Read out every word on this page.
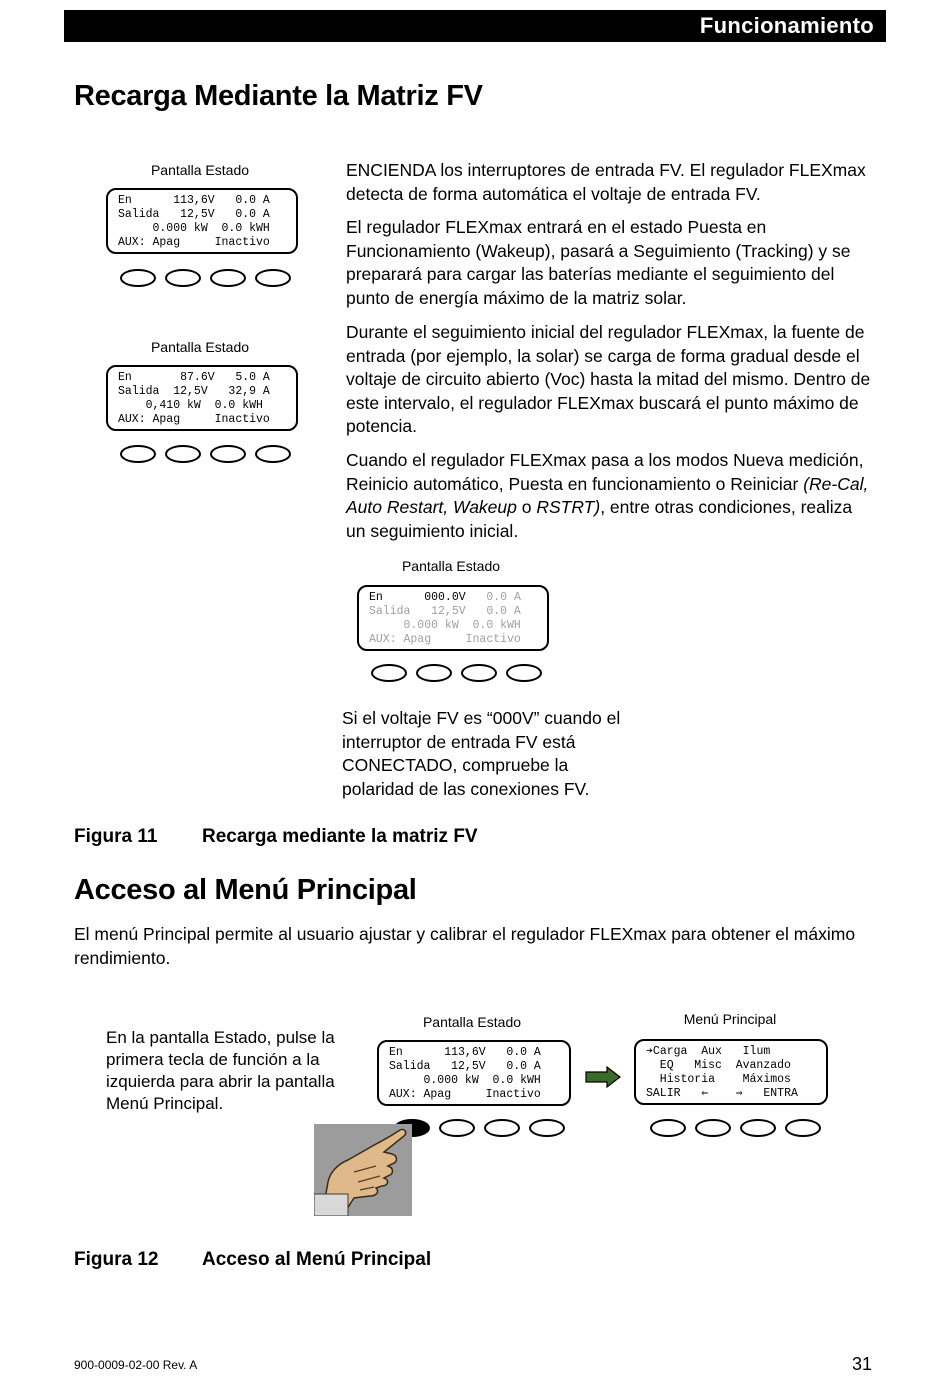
Funcionamiento
Recarga Mediante la Matriz FV
Pantalla Estado
En      113,6V   0.0 A
Salida   12,5V   0.0 A
0.000 kW  0.0 kWH
AUX: Apag     Inactivo
Pantalla Estado
En       87.6V   5.0 A
Salida  12,5V   32,9 A
0,410 kW  0.0 kWH
AUX: Apag     Inactivo
ENCIENDA los interruptores de entrada FV. El regulador FLEXmax detecta de forma automática el voltaje de entrada FV.
El regulador FLEXmax entrará en el estado Puesta en Funcionamiento (Wakeup), pasará a Seguimiento (Tracking) y se preparará para cargar las baterías mediante el seguimiento del punto de energía máximo de la matriz solar.
Durante el seguimiento inicial del regulador FLEXmax, la fuente de entrada (por ejemplo, la solar) se carga de forma gradual desde el voltaje de circuito abierto (Voc) hasta la mitad del mismo. Dentro de este intervalo, el regulador FLEXmax buscará el punto máximo de potencia.
Cuando el regulador FLEXmax pasa a los modos Nueva medición, Reinicio automático, Puesta en funcionamiento o Reiniciar (Re-Cal, Auto Restart, Wakeup o RSTRT), entre otras condiciones, realiza un seguimiento inicial.
Pantalla Estado
En      000.0V   0.0 A
Salida   12,5V   0.0 A
0.000 kW  0.0 kWH
AUX: Apag     Inactivo
Si el voltaje FV es “000V” cuando el interruptor de entrada FV está CONECTADO, compruebe la polaridad de las conexiones FV.
Figura 11 Recarga mediante la matriz FV
Acceso al Menú Principal
El menú Principal permite al usuario ajustar y calibrar el regulador FLEXmax para obtener el máximo rendimiento.
En la pantalla Estado, pulse la primera tecla de función a la izquierda para abrir la pantalla Menú Principal.
Pantalla Estado
En      113,6V   0.0 A
Salida   12,5V   0.0 A
0.000 kW  0.0 kWH
AUX: Apag     Inactivo
Menú Principal
➔Carga  Aux   Ilum
EQ   Misc  Avanzado
Historia    Máximos
SALIR   ⇐    ⇒   ENTRA
Figura 12 Acceso al Menú Principal
900-0009-02-00 Rev. A	31
